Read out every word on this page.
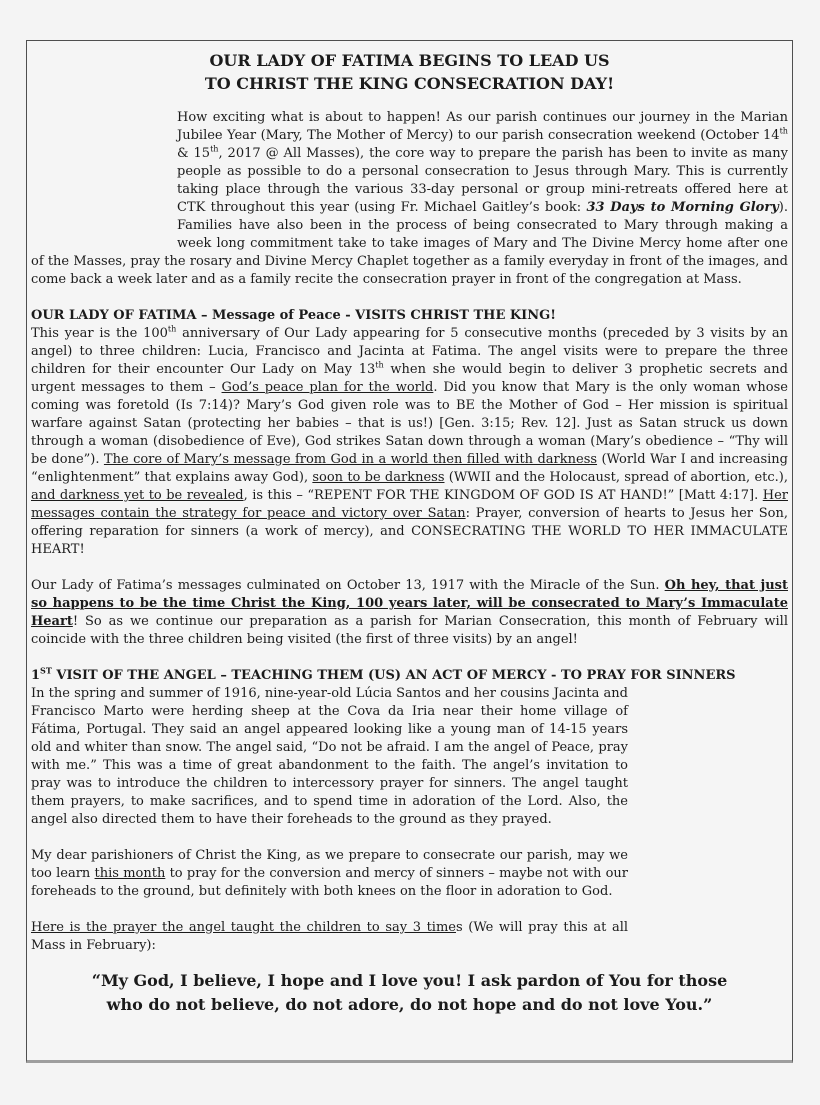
OUR LADY OF FATIMA BEGINS TO LEAD US
TO CHRIST THE KING CONSECRATION DAY!

How exciting what is about to happen! As our parish continues our journey in the Marian Jubilee Year (Mary, The Mother of Mercy) to our parish consecration weekend (October 14th & 15th, 2017 @ All Masses), the core way to prepare the parish has been to invite as many people as possible to do a personal consecration to Jesus through Mary. This is currently taking place through the various 33-day personal or group mini-retreats offered here at CTK throughout this year (using Fr. Michael Gaitley’s book: 33 Days to Morning Glory). Families have also been in the process of being consecrated to Mary through making a week long commitment take to take images of Mary and The Divine Mercy home after one of the Masses, pray the rosary and Divine Mercy Chaplet together as a family everyday in front of the images, and come back a week later and as a family recite the consecration prayer in front of the congregation at Mass.

OUR LADY OF FATIMA – Message of Peace - VISITS CHRIST THE KING!

This year is the 100th anniversary of Our Lady appearing for 5 consecutive months (preceded by 3 visits by an angel) to three children: Lucia, Francisco and Jacinta at Fatima. The angel visits were to prepare the three children for their encounter Our Lady on May 13th when she would begin to deliver 3 prophetic secrets and urgent messages to them – God’s peace plan for the world. Did you know that Mary is the only woman whose coming was foretold (Is 7:14)? Mary’s God given role was to BE the Mother of God – Her mission is spiritual warfare against Satan (protecting her babies – that is us!) [Gen. 3:15; Rev. 12]. Just as Satan struck us down through a woman (disobedience of Eve), God strikes Satan down through a woman (Mary’s obedience – “Thy will be done”). The core of Mary’s message from God in a world then filled with darkness (World War I and increasing “enlightenment” that explains away God), soon to be darkness (WWII and the Holocaust, spread of abortion, etc.), and darkness yet to be revealed, is this – “REPENT FOR THE KINGDOM OF GOD IS AT HAND!” [Matt 4:17]. Her messages contain the strategy for peace and victory over Satan: Prayer, conversion of hearts to Jesus her Son, offering reparation for sinners (a work of mercy), and CONSECRATING THE WORLD TO HER IMMACULATE HEART!

Our Lady of Fatima’s messages culminated on October 13, 1917 with the Miracle of the Sun. Oh hey, that just so happens to be the time Christ the King, 100 years later, will be consecrated to Mary’s Immaculate Heart! So as we continue our preparation as a parish for Marian Consecration, this month of February will coincide with the three children being visited (the first of three visits) by an angel!

1ST VISIT OF THE ANGEL – TEACHING THEM (US) AN ACT OF MERCY - TO PRAY FOR SINNERS

In the spring and summer of 1916, nine-year-old Lúcia Santos and her cousins Jacinta and Francisco Marto were herding sheep at the Cova da Iria near their home village of Fátima, Portugal. They said an angel appeared looking like a young man of 14-15 years old and whiter than snow. The angel said, “Do not be afraid. I am the angel of Peace, pray with me.” This was a time of great abandonment to the faith. The angel’s invitation to pray was to introduce the children to intercessory prayer for sinners. The angel taught them prayers, to make sacrifices, and to spend time in adoration of the Lord. Also, the angel also directed them to have their foreheads to the ground as they prayed.

My dear parishioners of Christ the King, as we prepare to consecrate our parish, may we too learn this month to pray for the conversion and mercy of sinners – maybe not with our foreheads to the ground, but definitely with both knees on the floor in adoration to God.

Here is the prayer the angel taught the children to say 3 times (We will pray this at all Mass in February):

“My God, I believe, I hope and I love you! I ask pardon of You for those who do not believe, do not adore, do not hope and do not love You.”
